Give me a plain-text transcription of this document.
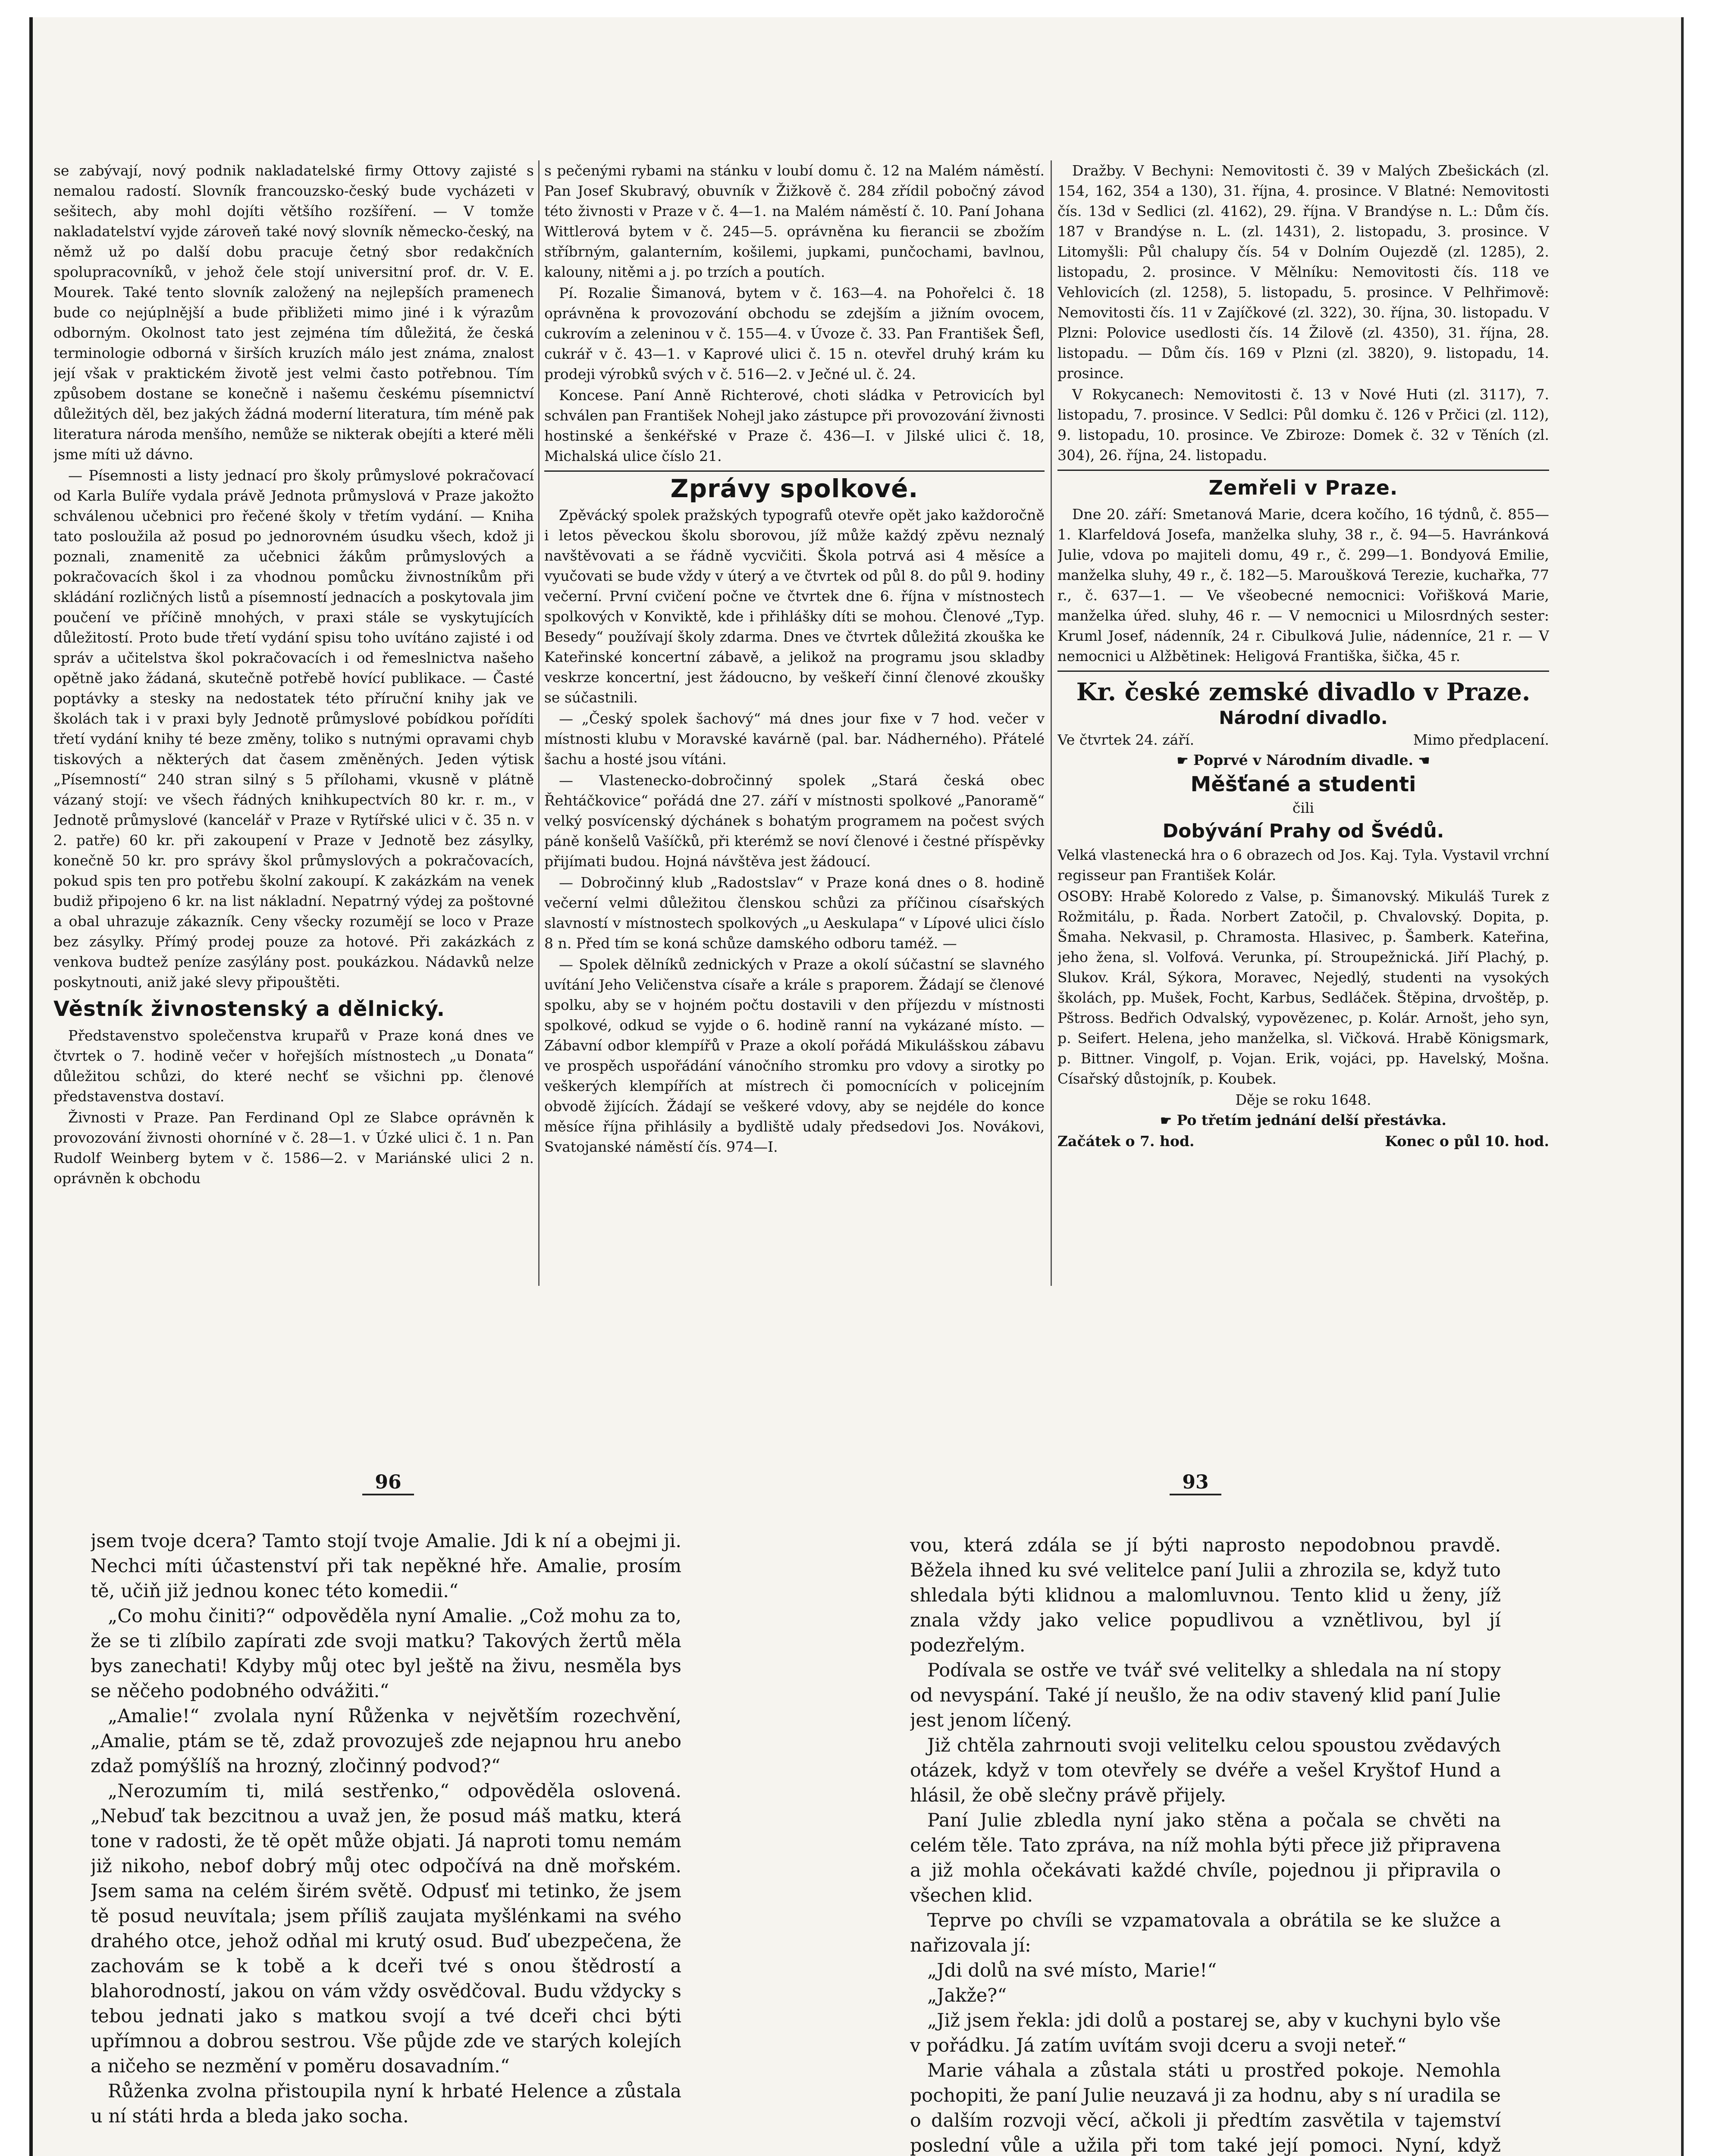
se zabývají, nový podnik nakladatelské firmy Ottovy zajisté s nemalou radostí. Slovník francouzsko-český bude vycházeti v sešitech, aby mohl dojíti většího rozšíření. — V tomže nakladatelství vyjde zároveň také nový slovník německo-český, na němž už po další dobu pracuje četný sbor redakčních spolupracovníků, v jehož čele stojí universitní prof. dr. V. E. Mourek. Také tento slovník založený na nejlepších pramenech bude co nejúplnější a bude přibližeti mimo jiné i k výrazům odborným. Okolnost tato jest zejména tím důležitá, že česká terminologie odborná v širších kruzích málo jest známa, znalost její však v praktickém životě jest velmi často potřebnou. Tím způsobem dostane se konečně i našemu českému písemnictví důležitých děl, bez jakých žádná moderní literatura, tím méně pak literatura národa menšího, nemůže se nikterak obejíti a které měli jsme míti už dávno.

— Písemnosti a listy jednací pro školy průmyslové pokračovací od Karla Bulíře vydala právě Jednota průmyslová v Praze jakožto schválenou učebnici pro řečené školy v třetím vydání. — Kniha tato posloužila až posud po jednorovném úsudku všech, kdož ji poznali, znamenitě za učebnici žákům průmyslových a pokračovacích škol i za vhodnou pomůcku živnostníkům při skládání rozličných listů a písemností jednacích a poskytovala jim poučení ve příčině mnohých, v praxi stále se vyskytujících důležitostí. Proto bude třetí vydání spisu toho uvítáno zajisté i od správ a učitelstva škol pokračovacích i od řemeslnictva našeho opětně jako žádaná, skutečně potřebě hovící publikace. — Časté poptávky a stesky na nedostatek této příruční knihy jak ve školách tak i v praxi byly Jednotě průmyslové pobídkou pořídíti třetí vydání knihy té beze změny, toliko s nutnými opravami chyb tiskových a některých dat časem změněných. Jeden výtisk „Písemností“ 240 stran silný s 5 přílohami, vkusně v plátně vázaný stojí: ve všech řádných knihkupectvích 80 kr. r. m., v Jednotě průmyslové (kancelář v Praze v Rytířské ulici v č. 35 n. v 2. patře) 60 kr. při zakoupení v Praze v Jednotě bez zásylky, konečně 50 kr. pro správy škol průmyslových a pokračovacích, pokud spis ten pro potřebu školní zakoupí. K zakázkám na venek budiž připojeno 6 kr. na list nákladní. Nepatrný výdej za poštovné a obal uhrazuje zákazník. Ceny všecky rozumějí se loco v Praze bez zásylky. Přímý prodej pouze za hotové. Při zakázkách z venkova budtež peníze zasýlány post. poukázkou. Nádavků nelze poskytnouti, aniž jaké slevy připouštěti.

Věstník živnostenský a dělnický.

Představenstvo společenstva krupařů v Praze koná dnes ve čtvrtek o 7. hodině večer v hořejších místnostech „u Donata“ důležitou schůzi, do které nechť se všichni pp. členové představenstva dostaví.

Živnosti v Praze. Pan Ferdinand Opl ze Slabce oprávněn k provozování živnosti ohorníné v č. 28—1. v Úzké ulici č. 1 n. Pan Rudolf Weinberg bytem v č. 1586—2. v Mariánské ulici 2 n. oprávněn k obchodu

s pečenými rybami na stánku v loubí domu č. 12 na Malém náměstí. Pan Josef Skubravý, obuvník v Žižkově č. 284 zřídil pobočný závod této živnosti v Praze v č. 4—1. na Malém náměstí č. 10. Paní Johana Wittlerová bytem v č. 245—5. oprávněna ku fieranciі se zbožím stříbrným, galanterním, košilemi, jupkami, punčochami, bavlnou, kalouny, nitěmi a j. po trzích a poutích.

Pí. Rozalie Šimanová, bytem v č. 163—4. na Pohořelci č. 18 oprávněna k provozování obchodu se zdejším a jižním ovocem, cukrovím a zeleninou v č. 155—4. v Úvoze č. 33. Pan František Šefl, cukrář v č. 43—1. v Kaprové ulici č. 15 n. otevřel druhý krám ku prodeji výrobků svých v č. 516—2. v Ječné ul. č. 24.

Koncese. Paní Anně Richterové, choti sládka v Petrovicích byl schválen pan František Nohejl jako zástupce při provozování živnosti hostinské a šenkéřské v Praze č. 436—I. v Jilské ulici č. 18, Michalská ulice číslo 21.

Zprávy spolkové.

Zpěvácký spolek pražských typografů otevře opět jako každoročně i letos pěveckou školu sborovou, jíž může každý zpěvu neznalý navštěvovati a se řádně vycvičiti. Škola potrvá asi 4 měsíce a vyučovati se bude vždy v úterý a ve čtvrtek od půl 8. do půl 9. hodiny večerní. První cvičení počne ve čtvrtek dne 6. října v místnostech spolkových v Konviktě, kde i přihlášky díti se mohou. Členové „Typ. Besedy“ používají školy zdarma. Dnes ve čtvrtek důležitá zkouška ke Kateřinské koncertní zábavě, a jelikož na programu jsou skladby veskrze koncertní, jest žádoucno, by veškeří činní členové zkoušky se súčastnili.

— „Český spolek šachový“ má dnes jour fixe v 7 hod. večer v místnosti klubu v Moravské kavárně (pal. bar. Nádherného). Přátelé šachu a hosté jsou vítáni.

— Vlastenecko-dobročinný spolek „Stará česká obec Řehtáčkovice“ pořádá dne 27. září v místnosti spolkové „Panoramě“ velký posvícenský dýchánek s bohatým programem na počest svých páně konšelů Vašíčků, při kterémž se noví členové i čestné příspěvky přijímati budou. Hojná návštěva jest žádoucí.

— Dobročinný klub „Radostslav“ v Praze koná dnes o 8. hodině večerní velmi důležitou členskou schůzi za příčinou císařských slavností v místnostech spolkových „u Aeskulapa“ v Lípové ulici číslo 8 n. Před tím se koná schůze damského odboru taméž. —

— Spolek dělníků zednických v Praze a okolí súčastní se slavného uvítání Jeho Veličenstva císaře a krále s praporem. Žádají se členové spolku, aby se v hojném počtu dostavili v den příjezdu v místnosti spolkové, odkud se vyjde o 6. hodině ranní na vykázané místo. — Zábavní odbor klempířů v Praze a okolí pořádá Mikulášskou zábavu ve prospěch uspořádání vánočního stromku pro vdovy a sirotky po veškerých klempířích at místrech či pomocnících v policejním obvodě žijících. Žádají se veškeré vdovy, aby se nejdéle do konce měsíce října přihlásily a bydliště udaly předsedovi Jos. Novákovi, Svatojanské náměstí čís. 974—I.

Dražby. V Bechyni: Nemovitosti č. 39 v Malých Zbešickách (zl. 154, 162, 354 a 130), 31. října, 4. prosince. V Blatné: Nemovitosti čís. 13d v Sedlici (zl. 4162), 29. října. V Brandýse n. L.: Dům čís. 187 v Brandýse n. L. (zl. 1431), 2. listopadu, 3. prosince. V Litomyšli: Půl chalupy čís. 54 v Dolním Oujezdě (zl. 1285), 2. listopadu, 2. prosince. V Mělníku: Nemovitosti čís. 118 ve Vehlovicích (zl. 1258), 5. listopadu, 5. prosince. V Pelhřimově: Nemovitosti čís. 11 v Zajíčkové (zl. 322), 30. října, 30. listopadu. V Plzni: Polovice usedlosti čís. 14 Žilově (zl. 4350), 31. října, 28. listopadu. — Dům čís. 169 v Plzni (zl. 3820), 9. listopadu, 14. prosince.

V Rokycanech: Nemovitosti č. 13 v Nové Huti (zl. 3117), 7. listopadu, 7. prosince. V Sedlci: Půl domku č. 126 v Prčici (zl. 112), 9. listopadu, 10. prosince. Ve Zbiroze: Domek č. 32 v Těních (zl. 304), 26. října, 24. listopadu.

Zemřeli v Praze.

Dne 20. září: Smetanová Marie, dcera kočího, 16 týdnů, č. 855—1. Klarfeldová Josefa, manželka sluhy, 38 r., č. 94—5. Havránková Julie, vdova po majiteli domu, 49 r., č. 299—1. Bondyová Emilie, manželka sluhy, 49 r., č. 182—5. Maroušková Terezie, kuchařka, 77 r., č. 637—1. — Ve všeobecné nemocnici: Vořišková Marie, manželka úřed. sluhy, 46 r. — V nemocnici u Milosrdných sester: Kruml Josef, nádenník, 24 r. Cibulková Julie, nádenníce, 21 r. — V nemocnici u Alžbětinek: Heligová Františka, šička, 45 r.

Kr. české zemské divadlo v Praze.
Národní divadlo.
Ve čtvrtek 24. září.	Mimo předplacení.
☛ Poprvé v Národním divadle. ☚
Měšťané a studenti
čili
Dobývání Prahy od Švédů.

Velká vlastenecká hra o 6 obrazech od Jos. Kaj. Tyla. Vystavil vrchní regisseur pan František Kolár.

OSOBY: Hrabě Koloredo z Valse, p. Šimanovský. Mikuláš Turek z Rožmitálu, p. Řada. Norbert Zatočil, p. Chvalovský. Dopita, p. Šmaha. Nekvasil, p. Chramosta. Hlasivec, p. Šamberk. Kateřina, jeho žena, sl. Volfová. Verunka, pí. Stroupežnická. Jiří Plachý, p. Slukov. Král, Sýkora, Moravec, Nejedlý, studenti na vysokých školách, pp. Mušek, Focht, Karbus, Sedláček. Štěpina, drvoštěp, p. Pštross. Bedřich Odvalský, vypovězenec, p. Kolár. Arnošt, jeho syn, p. Seifert. Helena, jeho manželka, sl. Vičková. Hrabě Königsmark, p. Bittner. Vingolf, p. Vojan. Erik, vojáci, pp. Havelský, Mošna. Císařský důstojník, p. Koubek.

Děje se roku 1648.
☛ Po třetím jednání delší přestávka.
Začátek o 7. hod.	Konec o půl 10. hod.
96	93

jsem tvoje dcera? Tamto stojí tvoje Amalie. Jdi k ní a obejmi ji. Nechci míti účastenství při tak nepěkné hře. Amalie, prosím tě, učiň již jednou konec této komedii.“

„Co mohu činiti?“ odpověděla nyní Amalie. „Což mohu za to, že se ti zlíbilo zapírati zde svoji matku? Takových žertů měla bys zanechati! Kdyby můj otec byl ještě na živu, nesměla bys se něčeho podobného odvážiti.“

„Amalie!“ zvolala nyní Růženka v největším rozechvění, „Amalie, ptám se tě, zdaž provozuješ zde nejapnou hru anebo zdaž pomýšlíš na hrozný, zločinný podvod?“

„Nerozumím ti, milá sestřenko,“ odpověděla oslovená. „Nebuď tak bezcitnou a uvaž jen, že posud máš matku, která tone v radosti, že tě opět může objati. Já naproti tomu nemám již nikoho, nebof dobrý můj otec odpočívá na dně mořském. Jsem sama na celém širém světě. Odpusť mi tetinko, že jsem tě posud neuvítala; jsem příliš zaujata myšlénkami na svého drahého otce, jehož odňal mi krutý osud. Buď ubezpečena, že zachovám se k tobě a k dceři tvé s onou štědrostí a blahorodností, jakou on vám vždy osvědčoval. Budu vždycky s tebou jednati jako s matkou svojí a tvé dceři chci býti upřímnou a dobrou sestrou. Vše půjde zde ve starých kolejích a ničeho se nezmění v poměru dosavadním.“

Růženka zvolna přistoupila nyní k hrbaté Helence a zůstala u ní státi hrda a bleda jako socha.

vou, která zdála se jí býti naprosto nepodobnou pravdě. Běžela ihned ku své velitelce paní Julii a zhrozila se, když tuto shledala býti klidnou a malomluvnou. Tento klid u ženy, jíž znala vždy jako velice popudlivou a vznětlivou, byl jí podezřelým.

Podívala se ostře ve tvář své velitelky a shledala na ní stopy od nevyspání. Také jí neušlo, že na odiv stavený klid paní Julie jest jenom líčený.

Již chtěla zahrnouti svoji velitelku celou spoustou zvědavých otázek, když v tom otevřely se dvéře a vešel Kryštof Hund a hlásil, že obě slečny právě přijely.

Paní Julie zbledla nyní jako stěna a počala se chvěti na celém těle. Tato zpráva, na níž mohla býti přece již připravena a již mohla očekávati každé chvíle, pojednou ji připravila o všechen klid.

Teprve po chvíli se vzpamatovala a obrátila se ke služce a nařizovala jí:

„Jdi dolů na své místo, Marie!“

„Jakže?“

„Již jsem řekla: jdi dolů a postarej se, aby v kuchyni bylo vše v pořádku. Já zatím uvítám svoji dceru a svoji neteř.“

Marie váhala a zůstala státi u prostřed pokoje. Nemohla pochopiti, že paní Julie neuzavá ji za hodnu, aby s ní uradila se o dalším rozvoji věcí, ačkoli ji předtím zasvětila v tajemství poslední vůle a užila při tom také její pomoci. Nyní, když
